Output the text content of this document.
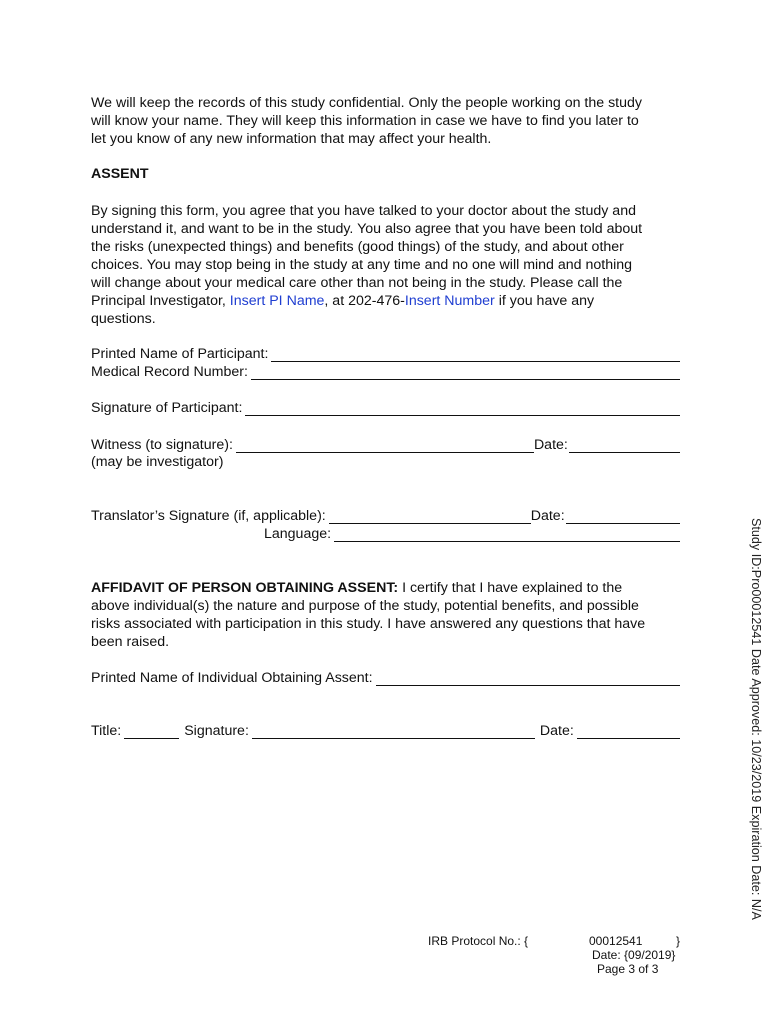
We will keep the records of this study confidential. Only the people working on the study
will know your name. They will keep this information in case we have to find you later to
let you know of any new information that may affect your health.
ASSENT
By signing this form, you agree that you have talked to your doctor about the study and
understand it, and want to be in the study. You also agree that you have been told about
the risks (unexpected things) and benefits (good things) of the study, and about other
choices. You may stop being in the study at any time and no one will mind and nothing
will change about your medical care other than not being in the study. Please call the
Principal Investigator, Insert PI Name, at 202-476-Insert Number if you have any
questions.
Printed Name of Participant:
Medical Record Number:
Signature of Participant:
Witness (to signature):	Date:
(may be investigator)
Translator’s Signature (if, applicable):	Date:
Language:
AFFIDAVIT OF PERSON OBTAINING ASSENT: I certify that I have explained to the
above individual(s) the nature and purpose of the study, potential benefits, and possible
risks associated with participation in this study. I have answered any questions that have
been raised.
Printed Name of Individual Obtaining Assent:
Title:	Signature:	Date:	Study ID:Pro00012541 Date Approved: 10/23/2019 Expiration Date: N/A
IRB Protocol No.: {	00012541	}
Date: {09/2019}
Page 3 of 3
